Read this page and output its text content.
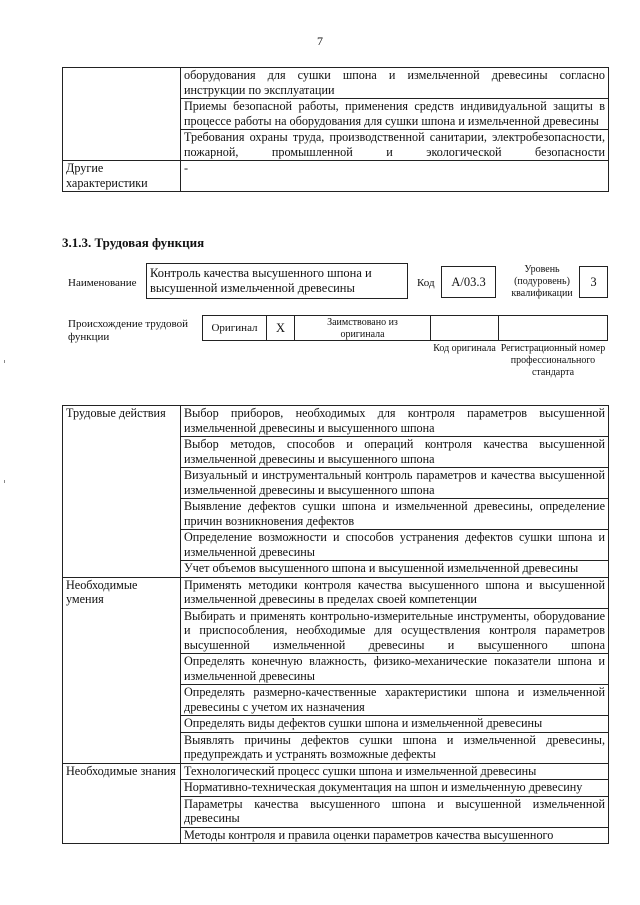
7
	оборудования для сушки шпона и измельченной древесины согласно инструкции по эксплуатации
	Приемы безопасной работы, применения средств индивидуальной защиты в процессе работы на оборудования для сушки шпона и измельченной древесины
	Требования охраны труда, производственной санитарии, электробезопасности, пожарной, промышленной и экологической безопасности
Другие характеристики	-
3.1.3. Трудовая функция
Наименование
Контроль качества высушенного шпона и высушенной измельченной древесины	Код	А/03.3
Уровень (подуровень) квалификации
3
Происхождение трудовой функции
Оригинал	Х	Заимствовано из оригинала
Код оригинала Регистрационный номер профессионального стандарта
Трудовые действия	Выбор приборов, необходимых для контроля параметров высушенной измельченной древесины и высушенного шпона
	Выбор методов, способов и операций контроля качества высушенной измельченной древесины и высушенного шпона
	Визуальный и инструментальный контроль параметров и качества высушенной измельченной древесины и высушенного шпона
	Выявление дефектов сушки шпона и измельченной древесины, определение причин возникновения дефектов
	Определение возможности и способов устранения дефектов сушки шпона и измельченной древесины
	Учет объемов высушенного шпона и высушенной измельченной древесины
Необходимые умения	Применять методики контроля качества высушенного шпона и высушенной измельченной древесины в пределах своей компетенции
	Выбирать и применять контрольно-измерительные инструменты, оборудование и приспособления, необходимые для осуществления контроля параметров высушенной измельченной древесины и высушенного шпона
	Определять конечную влажность, физико-механические показатели шпона и измельченной древесины
	Определять размерно-качественные характеристики шпона и измельченной древесины с учетом их назначения
	Определять виды дефектов сушки шпона и измельченной древесины
	Выявлять причины дефектов сушки шпона и измельченной древесины, предупреждать и устранять возможные дефекты
Необходимые знания	Технологический процесс сушки шпона и измельченной древесины
	Нормативно-техническая документация на шпон и измельченную древесину
	Параметры качества высушенного шпона и высушенной измельченной древесины
	Методы контроля и правила оценки параметров качества высушенного
